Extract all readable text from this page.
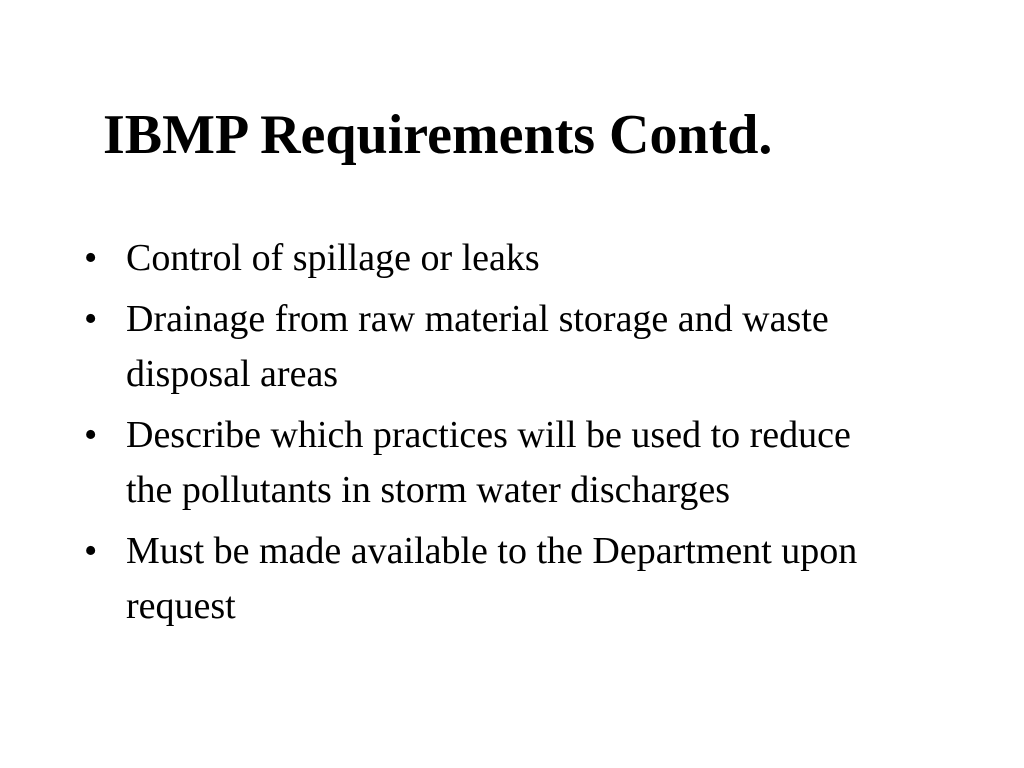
IBMP Requirements Contd.
• Control of spillage or leaks
• Drainage from raw material storage and waste disposal areas
• Describe which practices will be used to reduce the pollutants in storm water discharges
• Must be made available to the Department upon request
